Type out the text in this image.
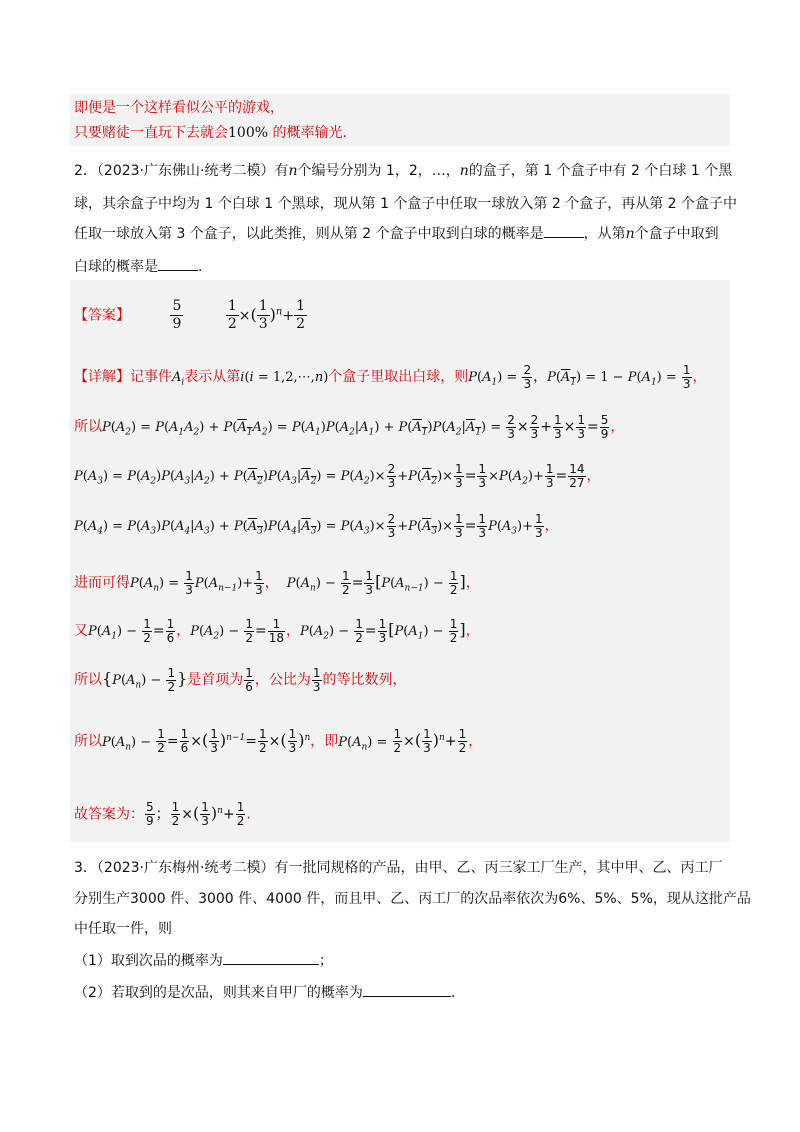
即便是一个这样看似公平的游戏，
只要赌徒一直玩下去就会100% 的概率输光.
2．（2023·广东佛山·统考二模）有n个编号分别为 1，2，…，n的盒子，第 1 个盒子中有 2 个白球 1 个黑
球，其余盒子中均为 1 个白球 1 个黑球，现从第 1 个盒子中任取一球放入第 2 个盒子，再从第 2 个盒子中
任取一球放入第 3 个盒子，以此类推，则从第 2 个盒子中取到白球的概率是	，从第n个盒子中取到
白球的概率是	.
【答案】	$\frac{5}{9}$
	$\frac{1}{2}$ ×( $\frac{1}{3} )^n+ \frac{1}{2}$
【详解】记事件$A_i$表示从第i(i = 1,2,⋯,n)个盒子里取出白球，则$P(A_1) = \frac{2}{3}$ ，$P(A_1) = 1 - P(A_1) = \frac{1}{3}$ ，
所以$P(A_2) = P(A_1A_2) + P(A_1A_2) = P(A_1)P(A_2|A_1) + P(A_1)P(A_2|A_1) = \frac{2}{3} \times \frac{2}{3} + \frac{1}{3} \times \frac{1}{3} = \frac{5}{9}$ ，
$P(A_3) = P(A_2)P(A_3|A_2) + P(A_2)P(A_3|A_2) = P(A_2)\times \frac{2}{3} +P(A_2)\times \frac{1}{3} = \frac{1}{3} \times P(A_2)+ \frac{1}{3} = \frac{14}{27}$ ，
$P(A_4) = P(A_3)P(A_4|A_3) + P(A_3)P(A_4|A_3) = P(A_3)\times \frac{2}{3} +P(A_3)\times \frac{1}{3} = \frac{1}{3} P(A_3)+ \frac{1}{3}$ ，
进而可得$P(A_n) = \frac{1}{3} P(A_{n-1})+ \frac{1}{3}$ ， $P(A_n) - \frac{1}{2} = \frac{1}{3} [P(A_{n-1}) - \frac{1}{2}$ ]，
又$P(A_1) - \frac{1}{2} = \frac{1}{6}$ ，$P(A_2) - \frac{1}{2} = \frac{1}{18}$ ，$P(A_2) - \frac{1}{2} = \frac{1}{3} [P(A_1) - \frac{1}{2}$ ]，
所以{$P(A_n) - \frac{1}{2}$ }是首项为 $\frac{1}{6}$ ，公比为 $\frac{1}{3}$ 的等比数列，
所以$P(A_n) - \frac{1}{2} = \frac{1}{6}$ ×( $\frac{1}{3} )^{n-1}= \frac{1}{2}$ ×( $\frac{1}{3} )^n$，即$P(A_n) = \frac{1}{2}$ ×( $\frac{1}{3} )^n+ \frac{1}{2}$ ，
故答案为： $\frac{5}{9}$ ； $\frac{1}{2}$ ×( $\frac{1}{3} )^n+ \frac{1}{2}$ .
3．（2023·广东梅州·统考二模）有一批同规格的产品，由甲、乙、丙三家工厂生产，其中甲、乙、丙工厂
分别生产3000 件、3000 件、4000 件，而且甲、乙、丙工厂的次品率依次为6%、5%、5%，现从这批产品
中任取一件，则
（1）取到次品的概率为	；
（2）若取到的是次品，则其来自甲厂的概率为	.
